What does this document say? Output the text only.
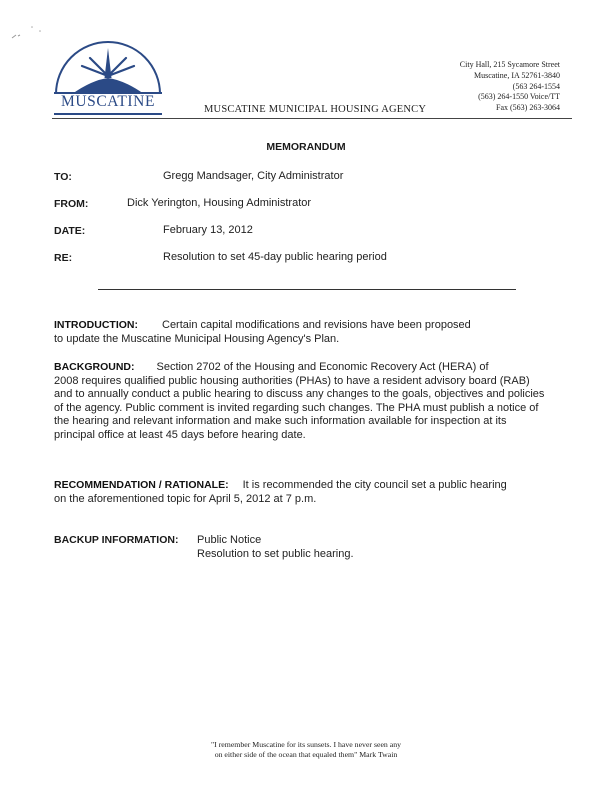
MUSCATINE	MUSCATINE MUNICIPAL HOUSING AGENCY
City Hall, 215 Sycamore Street
Muscatine, IA 52761-3840
(563 264-1554
(563) 264-1550 Voice/TT
Fax (563) 263-3064
MEMORANDUM
TO:	Gregg Mandsager, City Administrator
FROM:	Dick Yerington, Housing Administrator
DATE:	February 13, 2012
RE:	Resolution to set 45-day public hearing period
INTRODUCTION: Certain capital modifications and revisions have been proposed
to update the Muscatine Municipal Housing Agency's Plan.
BACKGROUND: Section 2702 of the Housing and Economic Recovery Act (HERA) of
2008 requires qualified public housing authorities (PHAs) to have a resident advisory board (RAB) and to annually conduct a public hearing to discuss any changes to the goals, objectives and policies of the agency. Public comment is invited regarding such changes. The PHA must publish a notice of the hearing and relevant information and make such information available for inspection at its principal office at least 45 days before hearing date.
RECOMMENDATION / RATIONALE: It is recommended the city council set a public hearing
on the aforementioned topic for April 5, 2012 at 7 p.m.
BACKUP INFORMATION: Public Notice
Resolution to set public hearing.
"I remember Muscatine for its sunsets. I have never seen any
on either side of the ocean that equaled them" Mark Twain
